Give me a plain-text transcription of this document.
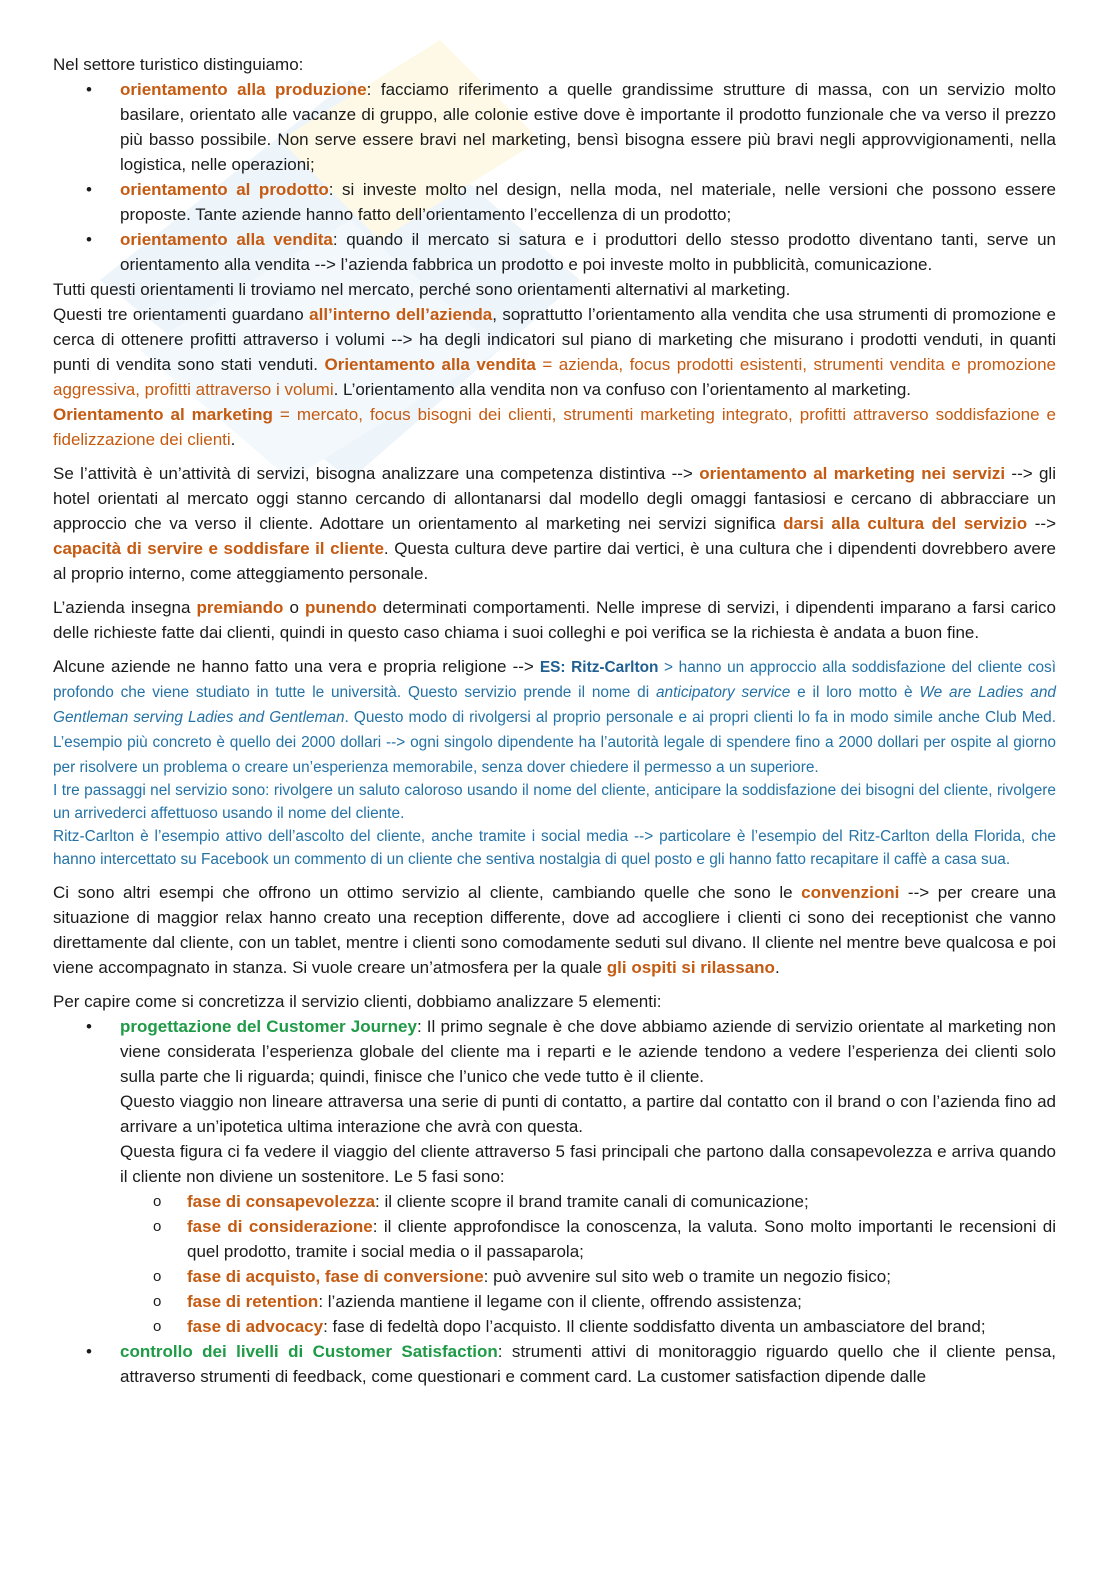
Nel settore turistico distinguiamo:

• orientamento alla produzione: facciamo riferimento a quelle grandissime strutture di massa, con un servizio molto basilare, orientato alle vacanze di gruppo, alle colonie estive dove è importante il prodotto funzionale che va verso il prezzo più basso possibile. Non serve essere bravi nel marketing, bensì bisogna essere più bravi negli approvvigionamenti, nella logistica, nelle operazioni;
• orientamento al prodotto: si investe molto nel design, nella moda, nel materiale, nelle versioni che possono essere proposte. Tante aziende hanno fatto dell’orientamento l’eccellenza di un prodotto;
• orientamento alla vendita: quando il mercato si satura e i produttori dello stesso prodotto diventano tanti, serve un orientamento alla vendita --> l’azienda fabbrica un prodotto e poi investe molto in pubblicità, comunicazione.

Tutti questi orientamenti li troviamo nel mercato, perché sono orientamenti alternativi al marketing.

Questi tre orientamenti guardano all’interno dell’azienda, soprattutto l’orientamento alla vendita che usa strumenti di promozione e cerca di ottenere profitti attraverso i volumi --> ha degli indicatori sul piano di marketing che misurano i prodotti venduti, in quanti punti di vendita sono stati venduti. Orientamento alla vendita = azienda, focus prodotti esistenti, strumenti vendita e promozione aggressiva, profitti attraverso i volumi. L’orientamento alla vendita non va confuso con l’orientamento al marketing.

Orientamento al marketing = mercato, focus bisogni dei clienti, strumenti marketing integrato, profitti attraverso soddisfazione e fidelizzazione dei clienti.

Se l’attività è un’attività di servizi, bisogna analizzare una competenza distintiva --> orientamento al marketing nei servizi --> gli hotel orientati al mercato oggi stanno cercando di allontanarsi dal modello degli omaggi fantasiosi e cercano di abbracciare un approccio che va verso il cliente. Adottare un orientamento al marketing nei servizi significa darsi alla cultura del servizio --> capacità di servire e soddisfare il cliente. Questa cultura deve partire dai vertici, è una cultura che i dipendenti dovrebbero avere al proprio interno, come atteggiamento personale.

L’azienda insegna premiando o punendo determinati comportamenti. Nelle imprese di servizi, i dipendenti imparano a farsi carico delle richieste fatte dai clienti, quindi in questo caso chiama i suoi colleghi e poi verifica se la richiesta è andata a buon fine.

Alcune aziende ne hanno fatto una vera e propria religione --> ES: Ritz-Carlton > hanno un approccio alla soddisfazione del cliente così profondo che viene studiato in tutte le università. Questo servizio prende il nome di anticipatory service e il loro motto è We are Ladies and Gentleman serving Ladies and Gentleman. Questo modo di rivolgersi al proprio personale e ai propri clienti lo fa in modo simile anche Club Med. L’esempio più concreto è quello dei 2000 dollari --> ogni singolo dipendente ha l’autorità legale di spendere fino a 2000 dollari per ospite al giorno per risolvere un problema o creare un’esperienza memorabile, senza dover chiedere il permesso a un superiore.

I tre passaggi nel servizio sono: rivolgere un saluto caloroso usando il nome del cliente, anticipare la soddisfazione dei bisogni del cliente, rivolgere un arrivederci affettuoso usando il nome del cliente.

Ritz-Carlton è l’esempio attivo dell’ascolto del cliente, anche tramite i social media --> particolare è l’esempio del Ritz-Carlton della Florida, che hanno intercettato su Facebook un commento di un cliente che sentiva nostalgia di quel posto e gli hanno fatto recapitare il caffè a casa sua.

Ci sono altri esempi che offrono un ottimo servizio al cliente, cambiando quelle che sono le convenzioni --> per creare una situazione di maggior relax hanno creato una reception differente, dove ad accogliere i clienti ci sono dei receptionist che vanno direttamente dal cliente, con un tablet, mentre i clienti sono comodamente seduti sul divano. Il cliente nel mentre beve qualcosa e poi viene accompagnato in stanza. Si vuole creare un’atmosfera per la quale gli ospiti si rilassano.

Per capire come si concretizza il servizio clienti, dobbiamo analizzare 5 elementi:

• progettazione del Customer Journey: Il primo segnale è che dove abbiamo aziende di servizio orientate al marketing non viene considerata l’esperienza globale del cliente ma i reparti e le aziende tendono a vedere l’esperienza dei clienti solo sulla parte che li riguarda; quindi, finisce che l’unico che vede tutto è il cliente.
Questo viaggio non lineare attraversa una serie di punti di contatto, a partire dal contatto con il brand o con l’azienda fino ad arrivare a un’ipotetica ultima interazione che avrà con questa.
Questa figura ci fa vedere il viaggio del cliente attraverso 5 fasi principali che partono dalla consapevolezza e arriva quando il cliente non diviene un sostenitore. Le 5 fasi sono:
o fase di consapevolezza: il cliente scopre il brand tramite canali di comunicazione;
o fase di considerazione: il cliente approfondisce la conoscenza, la valuta. Sono molto importanti le recensioni di quel prodotto, tramite i social media o il passaparola;
o fase di acquisto, fase di conversione: può avvenire sul sito web o tramite un negozio fisico;
o fase di retention: l’azienda mantiene il legame con il cliente, offrendo assistenza;
o fase di advocacy: fase di fedeltà dopo l’acquisto. Il cliente soddisfatto diventa un ambasciatore del brand;
• controllo dei livelli di Customer Satisfaction: strumenti attivi di monitoraggio riguardo quello che il cliente pensa, attraverso strumenti di feedback, come questionari e comment card. La customer satisfaction dipende dalle
